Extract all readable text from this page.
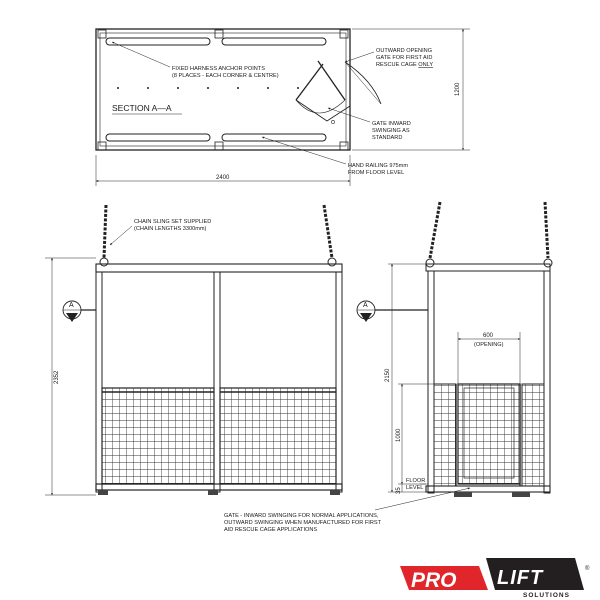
SECTION A—A
FIXED HARNESS ANCHOR POINTS (8 PLACES - EACH CORNER & CENTRE)
OUTWARD OPENING GATE FOR FIRST AID RESCUE CAGE ONLY
GATE INWARD SWINGING AS STANDARD
HAND RAILING 975mm FROM FLOOR LEVEL
2400
1200
CHAIN SLING SET SUPPLIED (CHAIN LENGTHS 3300mm)
2352
A	A
2150
1000
35
FLOOR LEVEL
600
(OPENING)
GATE - INWARD SWINGING FOR NORMAL APPLICATIONS, OUTWARD SWINGING WHEN MANUFACTURED FOR FIRST AID RESCUE CAGE APPLICATIONS
PRO LIFT
SOLUTIONS
®
